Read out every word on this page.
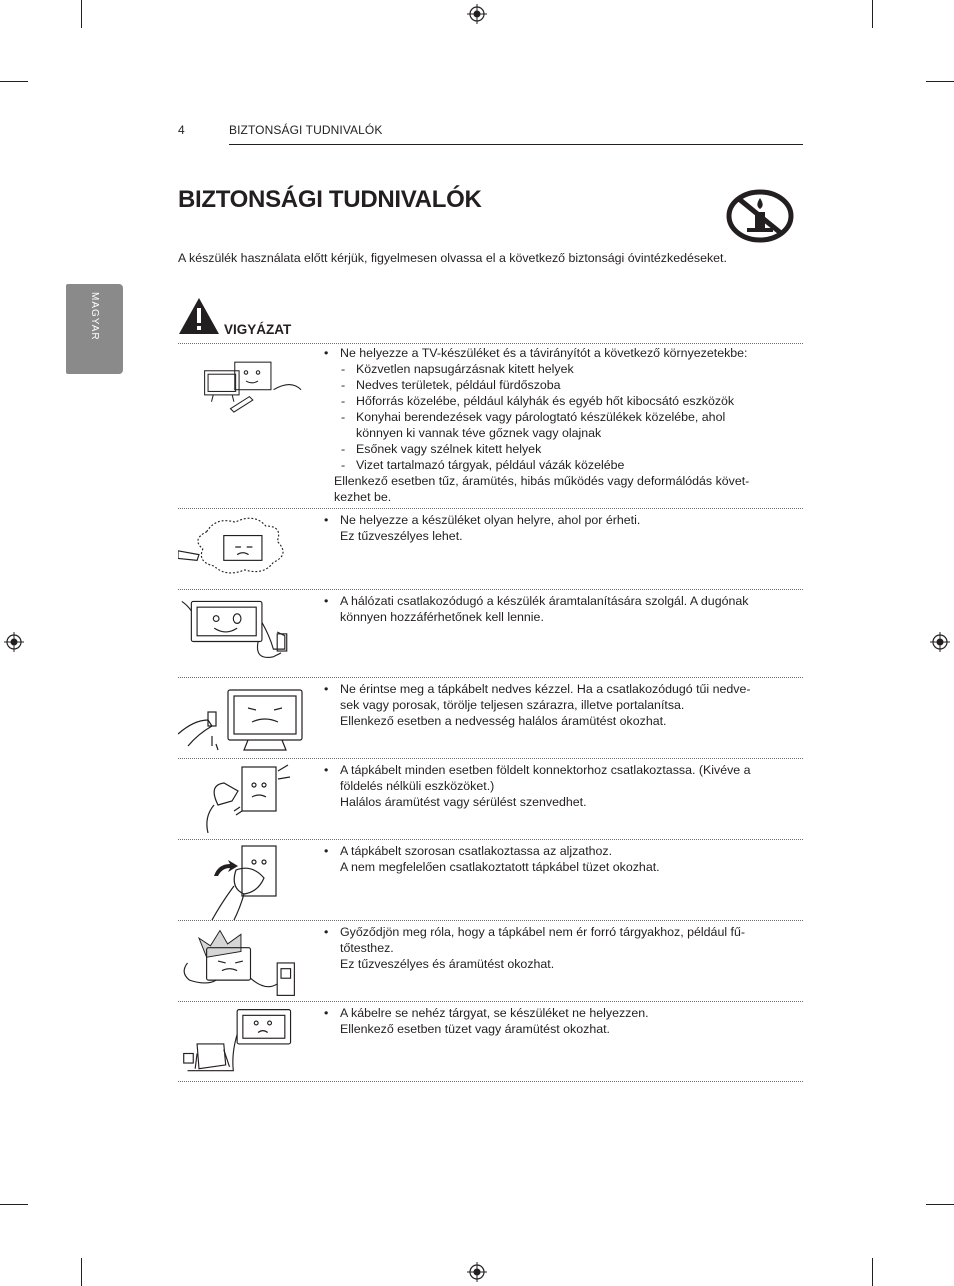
4	BIZTONSÁGI TUDNIVALÓK
BIZTONSÁGI TUDNIVALÓK
A készülék használata előtt kérjük, figyelmesen olvassa el a következő biztonsági óvintézkedéseket.
MAGYAR	VIGYÁZAT
• Ne helyezze a TV-készüléket és a távirányítót a következő környezetekbe:
- Közvetlen napsugárzásnak kitett helyek
- Nedves területek, például fürdőszoba
- Hőforrás közelébe, például kályhák és egyéb hőt kibocsátó eszközök
- Konyhai berendezések vagy párologtató készülékek közelébe, ahol
könnyen ki vannak téve gőznek vagy olajnak
- Esőnek vagy szélnek kitett helyek
- Vizet tartalmazó tárgyak, például vázák közelébe
Ellenkező esetben tűz, áramütés, hibás működés vagy deformálódás követ-
kezhet be.
• Ne helyezze a készüléket olyan helyre, ahol por érheti.
Ez tűzveszélyes lehet.
• A hálózati csatlakozódugó a készülék áramtalanítására szolgál. A dugónak
könnyen hozzáférhetőnek kell lennie.
• Ne érintse meg a tápkábelt nedves kézzel. Ha a csatlakozódugó tűi nedve-
sek vagy porosak, törölje teljesen szárazra, illetve portalanítsa.
Ellenkező esetben a nedvesség halálos áramütést okozhat.
• A tápkábelt minden esetben földelt konnektorhoz csatlakoztassa. (Kivéve a
földelés nélküli eszközöket.)
Halálos áramütést vagy sérülést szenvedhet.
• A tápkábelt szorosan csatlakoztassa az aljzathoz.
A nem megfelelően csatlakoztatott tápkábel tüzet okozhat.
• Győződjön meg róla, hogy a tápkábel nem ér forró tárgyakhoz, például fű-
tőtesthez.
Ez tűzveszélyes és áramütést okozhat.
• A kábelre se nehéz tárgyat, se készüléket ne helyezzen.
Ellenkező esetben tüzet vagy áramütést okozhat.
